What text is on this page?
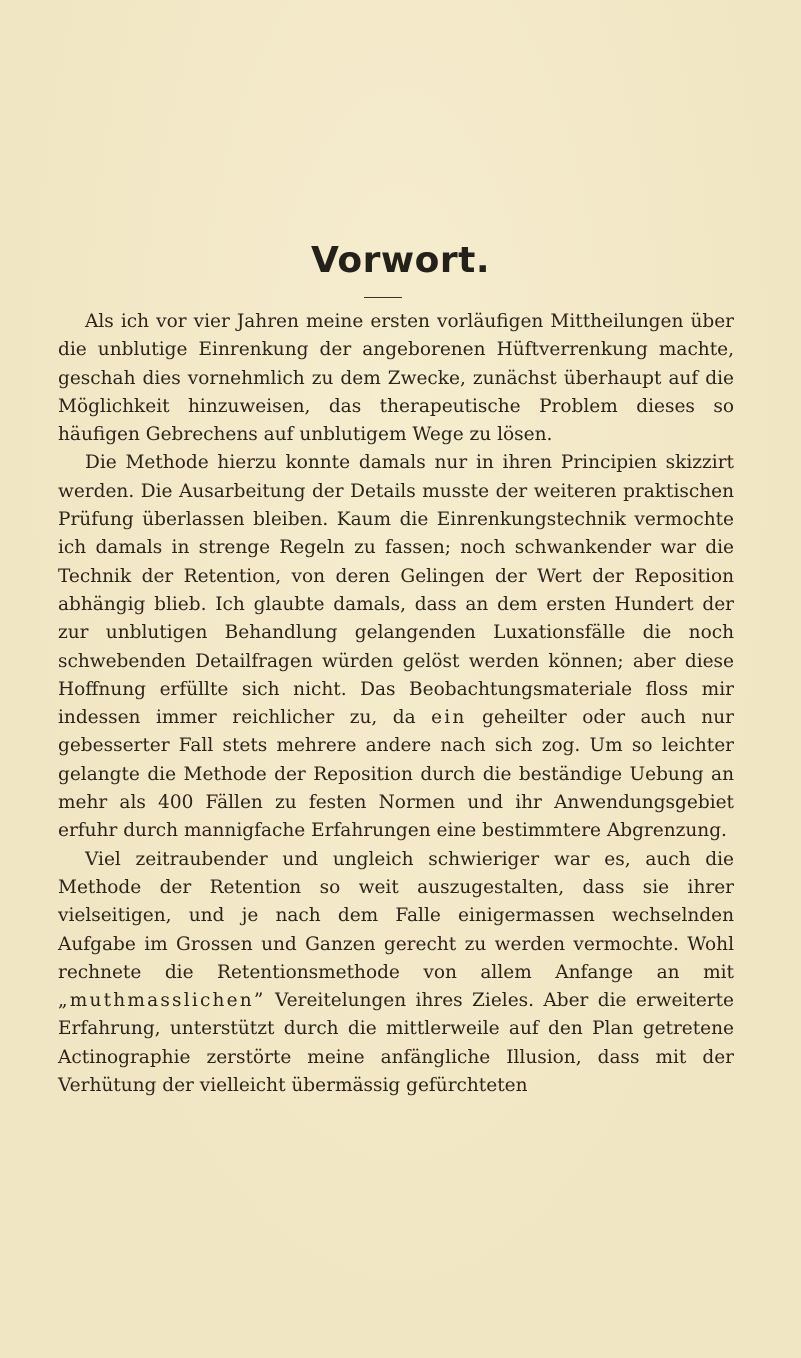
Vorwort.

Als ich vor vier Jahren meine ersten vorläufigen Mittheilungen über die unblutige Einrenkung der angeborenen Hüftverrenkung machte, geschah dies vornehmlich zu dem Zwecke, zunächst überhaupt auf die Möglichkeit hinzuweisen, das therapeutische Problem dieses so häufigen Gebrechens auf unblutigem Wege zu lösen.

Die Methode hierzu konnte damals nur in ihren Principien skizzirt werden. Die Ausarbeitung der Details musste der weiteren praktischen Prüfung überlassen bleiben. Kaum die Einrenkungstechnik vermochte ich damals in strenge Regeln zu fassen; noch schwankender war die Technik der Retention, von deren Gelingen der Wert der Reposition abhängig blieb. Ich glaubte damals, dass an dem ersten Hundert der zur unblutigen Behandlung gelangenden Luxationsfälle die noch schwebenden Detailfragen würden gelöst werden können; aber diese Hoffnung erfüllte sich nicht. Das Beobachtungsmateriale floss mir indessen immer reichlicher zu, da ein geheilter oder auch nur gebesserter Fall stets mehrere andere nach sich zog. Um so leichter gelangte die Methode der Reposition durch die beständige Uebung an mehr als 400 Fällen zu festen Normen und ihr Anwendungsgebiet erfuhr durch mannigfache Erfahrungen eine bestimmtere Abgrenzung.

Viel zeitraubender und ungleich schwieriger war es, auch die Methode der Retention so weit auszugestalten, dass sie ihrer vielseitigen, und je nach dem Falle einigermassen wechselnden Aufgabe im Grossen und Ganzen gerecht zu werden vermochte. Wohl rechnete die Retentionsmethode von allem Anfange an mit „muthmasslichen” Vereitelungen ihres Zieles. Aber die erweiterte Erfahrung, unterstützt durch die mittlerweile auf den Plan getretene Actinographie zerstörte meine anfängliche Illusion, dass mit der Verhütung der vielleicht übermässig gefürchteten
